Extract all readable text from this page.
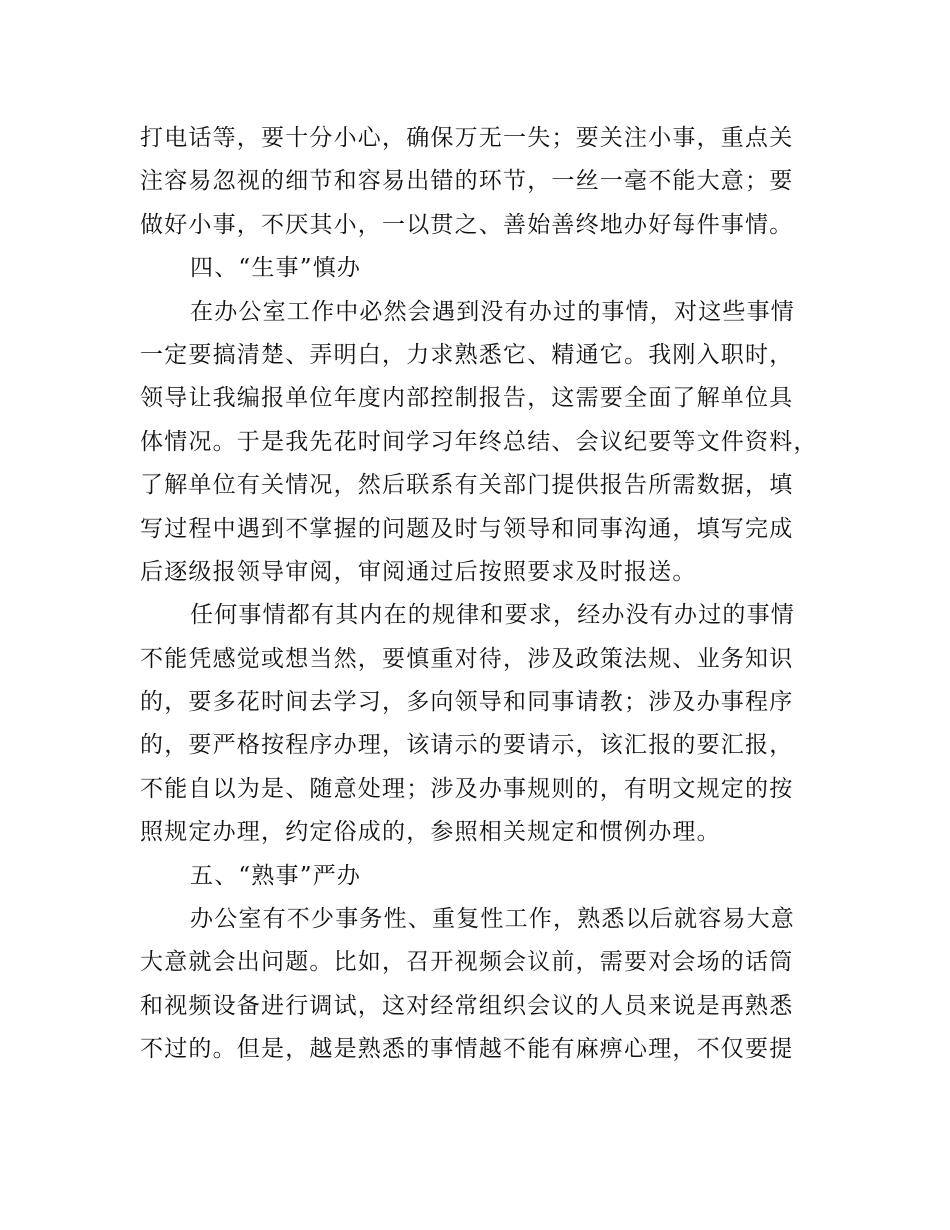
打电话等，要十分小心，确保万无一失；要关注小事，重点关
注容易忽视的细节和容易出错的环节，一丝一毫不能大意；要
做好小事，不厌其小，一以贯之、善始善终地办好每件事情。
四、“生事”慎办
在办公室工作中必然会遇到没有办过的事情，对这些事情
一定要搞清楚、弄明白，力求熟悉它、精通它。我刚入职时，
领导让我编报单位年度内部控制报告，这需要全面了解单位具
体情况。于是我先花时间学习年终总结、会议纪要等文件资料，
了解单位有关情况，然后联系有关部门提供报告所需数据，填
写过程中遇到不掌握的问题及时与领导和同事沟通，填写完成
后逐级报领导审阅，审阅通过后按照要求及时报送。
任何事情都有其内在的规律和要求，经办没有办过的事情
不能凭感觉或想当然，要慎重对待，涉及政策法规、业务知识
的，要多花时间去学习，多向领导和同事请教；涉及办事程序
的，要严格按程序办理，该请示的要请示，该汇报的要汇报，
不能自以为是、随意处理；涉及办事规则的，有明文规定的按
照规定办理，约定俗成的，参照相关规定和惯例办理。
五、“熟事”严办
办公室有不少事务性、重复性工作，熟悉以后就容易大意
大意就会出问题。比如，召开视频会议前，需要对会场的话筒
和视频设备进行调试，这对经常组织会议的人员来说是再熟悉
不过的。但是，越是熟悉的事情越不能有麻痹心理，不仅要提
